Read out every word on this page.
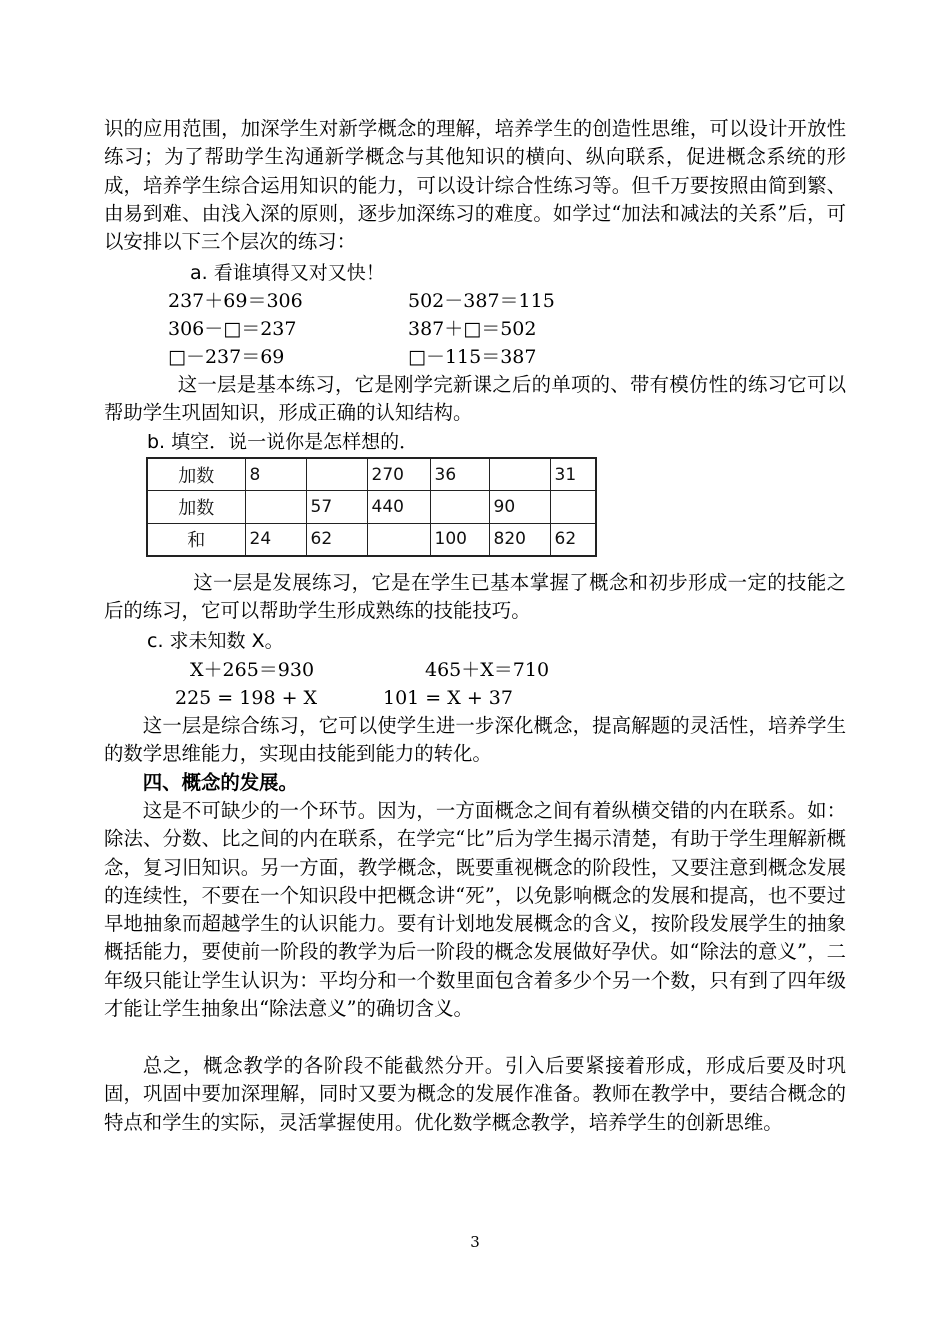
识的应用范围，加深学生对新学概念的理解，培养学生的创造性思维，可以设计开放性练习；为了帮助学生沟通新学概念与其他知识的横向、纵向联系，促进概念系统的形成，培养学生综合运用知识的能力，可以设计综合性练习等。但千万要按照由简到繁、由易到难、由浅入深的原则，逐步加深练习的难度。如学过“加法和减法的关系”后，可以安排以下三个层次的练习：
a. 看谁填得又对又快！
237＋69＝306	502－387＝115
306－□＝237	387＋□＝502
□－237＝69	□－115＝387
这一层是基本练习，它是刚学完新课之后的单项的、带有模仿性的练习它可以帮助学生巩固知识，形成正确的认知结构。
b. 填空．说一说你是怎样想的．
加数	8		270	36		31
加数		57	440		90	
和	24	62		100	820	62
这一层是发展练习，它是在学生已基本掌握了概念和初步形成一定的技能之后的练习，它可以帮助学生形成熟练的技能技巧。
c. 求未知数 X。
X＋265＝930	465＋X＝710
225 = 198 + X	101 = X + 37
这一层是综合练习，它可以使学生进一步深化概念，提高解题的灵活性，培养学生的数学思维能力，实现由技能到能力的转化。
四、概念的发展。
这是不可缺少的一个环节。因为，一方面概念之间有着纵横交错的内在联系。如：除法、分数、比之间的内在联系，在学完“比”后为学生揭示清楚，有助于学生理解新概念，复习旧知识。另一方面，教学概念，既要重视概念的阶段性，又要注意到概念发展的连续性，不要在一个知识段中把概念讲“死”，以免影响概念的发展和提高，也不要过早地抽象而超越学生的认识能力。要有计划地发展概念的含义，按阶段发展学生的抽象概括能力，要使前一阶段的教学为后一阶段的概念发展做好孕伏。如“除法的意义”，二年级只能让学生认识为：平均分和一个数里面包含着多少个另一个数，只有到了四年级才能让学生抽象出“除法意义”的确切含义。
总之，概念教学的各阶段不能截然分开。引入后要紧接着形成，形成后要及时巩固，巩固中要加深理解，同时又要为概念的发展作准备。教师在教学中，要结合概念的特点和学生的实际，灵活掌握使用。优化数学概念教学，培养学生的创新思维。
3
